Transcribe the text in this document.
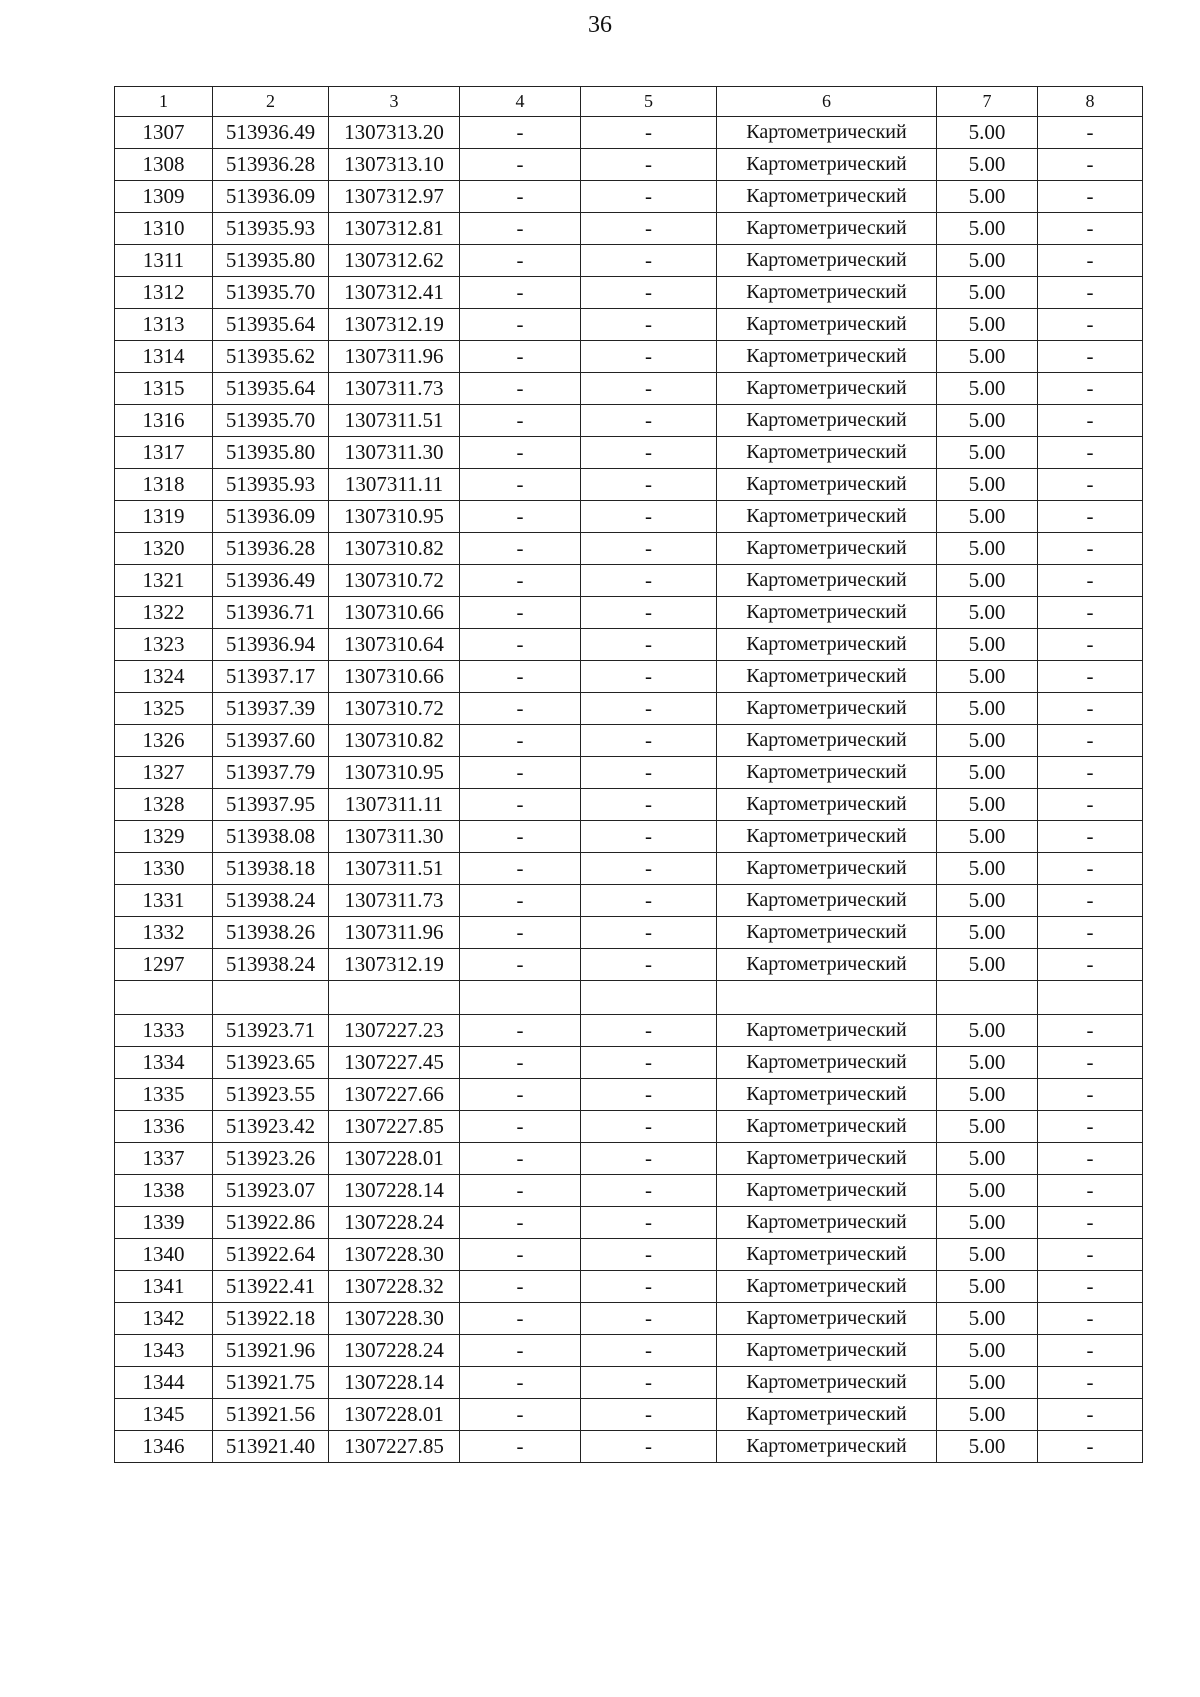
36
1	2	3	4	5	6	7	8
1307	513936.49	1307313.20	-	-	Картометрический	5.00	-
1308	513936.28	1307313.10	-	-	Картометрический	5.00	-
1309	513936.09	1307312.97	-	-	Картометрический	5.00	-
1310	513935.93	1307312.81	-	-	Картометрический	5.00	-
1311	513935.80	1307312.62	-	-	Картометрический	5.00	-
1312	513935.70	1307312.41	-	-	Картометрический	5.00	-
1313	513935.64	1307312.19	-	-	Картометрический	5.00	-
1314	513935.62	1307311.96	-	-	Картометрический	5.00	-
1315	513935.64	1307311.73	-	-	Картометрический	5.00	-
1316	513935.70	1307311.51	-	-	Картометрический	5.00	-
1317	513935.80	1307311.30	-	-	Картометрический	5.00	-
1318	513935.93	1307311.11	-	-	Картометрический	5.00	-
1319	513936.09	1307310.95	-	-	Картометрический	5.00	-
1320	513936.28	1307310.82	-	-	Картометрический	5.00	-
1321	513936.49	1307310.72	-	-	Картометрический	5.00	-
1322	513936.71	1307310.66	-	-	Картометрический	5.00	-
1323	513936.94	1307310.64	-	-	Картометрический	5.00	-
1324	513937.17	1307310.66	-	-	Картометрический	5.00	-
1325	513937.39	1307310.72	-	-	Картометрический	5.00	-
1326	513937.60	1307310.82	-	-	Картометрический	5.00	-
1327	513937.79	1307310.95	-	-	Картометрический	5.00	-
1328	513937.95	1307311.11	-	-	Картометрический	5.00	-
1329	513938.08	1307311.30	-	-	Картометрический	5.00	-
1330	513938.18	1307311.51	-	-	Картометрический	5.00	-
1331	513938.24	1307311.73	-	-	Картометрический	5.00	-
1332	513938.26	1307311.96	-	-	Картометрический	5.00	-
1297	513938.24	1307312.19	-	-	Картометрический	5.00	-

1333	513923.71	1307227.23	-	-	Картометрический	5.00	-
1334	513923.65	1307227.45	-	-	Картометрический	5.00	-
1335	513923.55	1307227.66	-	-	Картометрический	5.00	-
1336	513923.42	1307227.85	-	-	Картометрический	5.00	-
1337	513923.26	1307228.01	-	-	Картометрический	5.00	-
1338	513923.07	1307228.14	-	-	Картометрический	5.00	-
1339	513922.86	1307228.24	-	-	Картометрический	5.00	-
1340	513922.64	1307228.30	-	-	Картометрический	5.00	-
1341	513922.41	1307228.32	-	-	Картометрический	5.00	-
1342	513922.18	1307228.30	-	-	Картометрический	5.00	-
1343	513921.96	1307228.24	-	-	Картометрический	5.00	-
1344	513921.75	1307228.14	-	-	Картометрический	5.00	-
1345	513921.56	1307228.01	-	-	Картометрический	5.00	-
1346	513921.40	1307227.85	-	-	Картометрический	5.00	-
